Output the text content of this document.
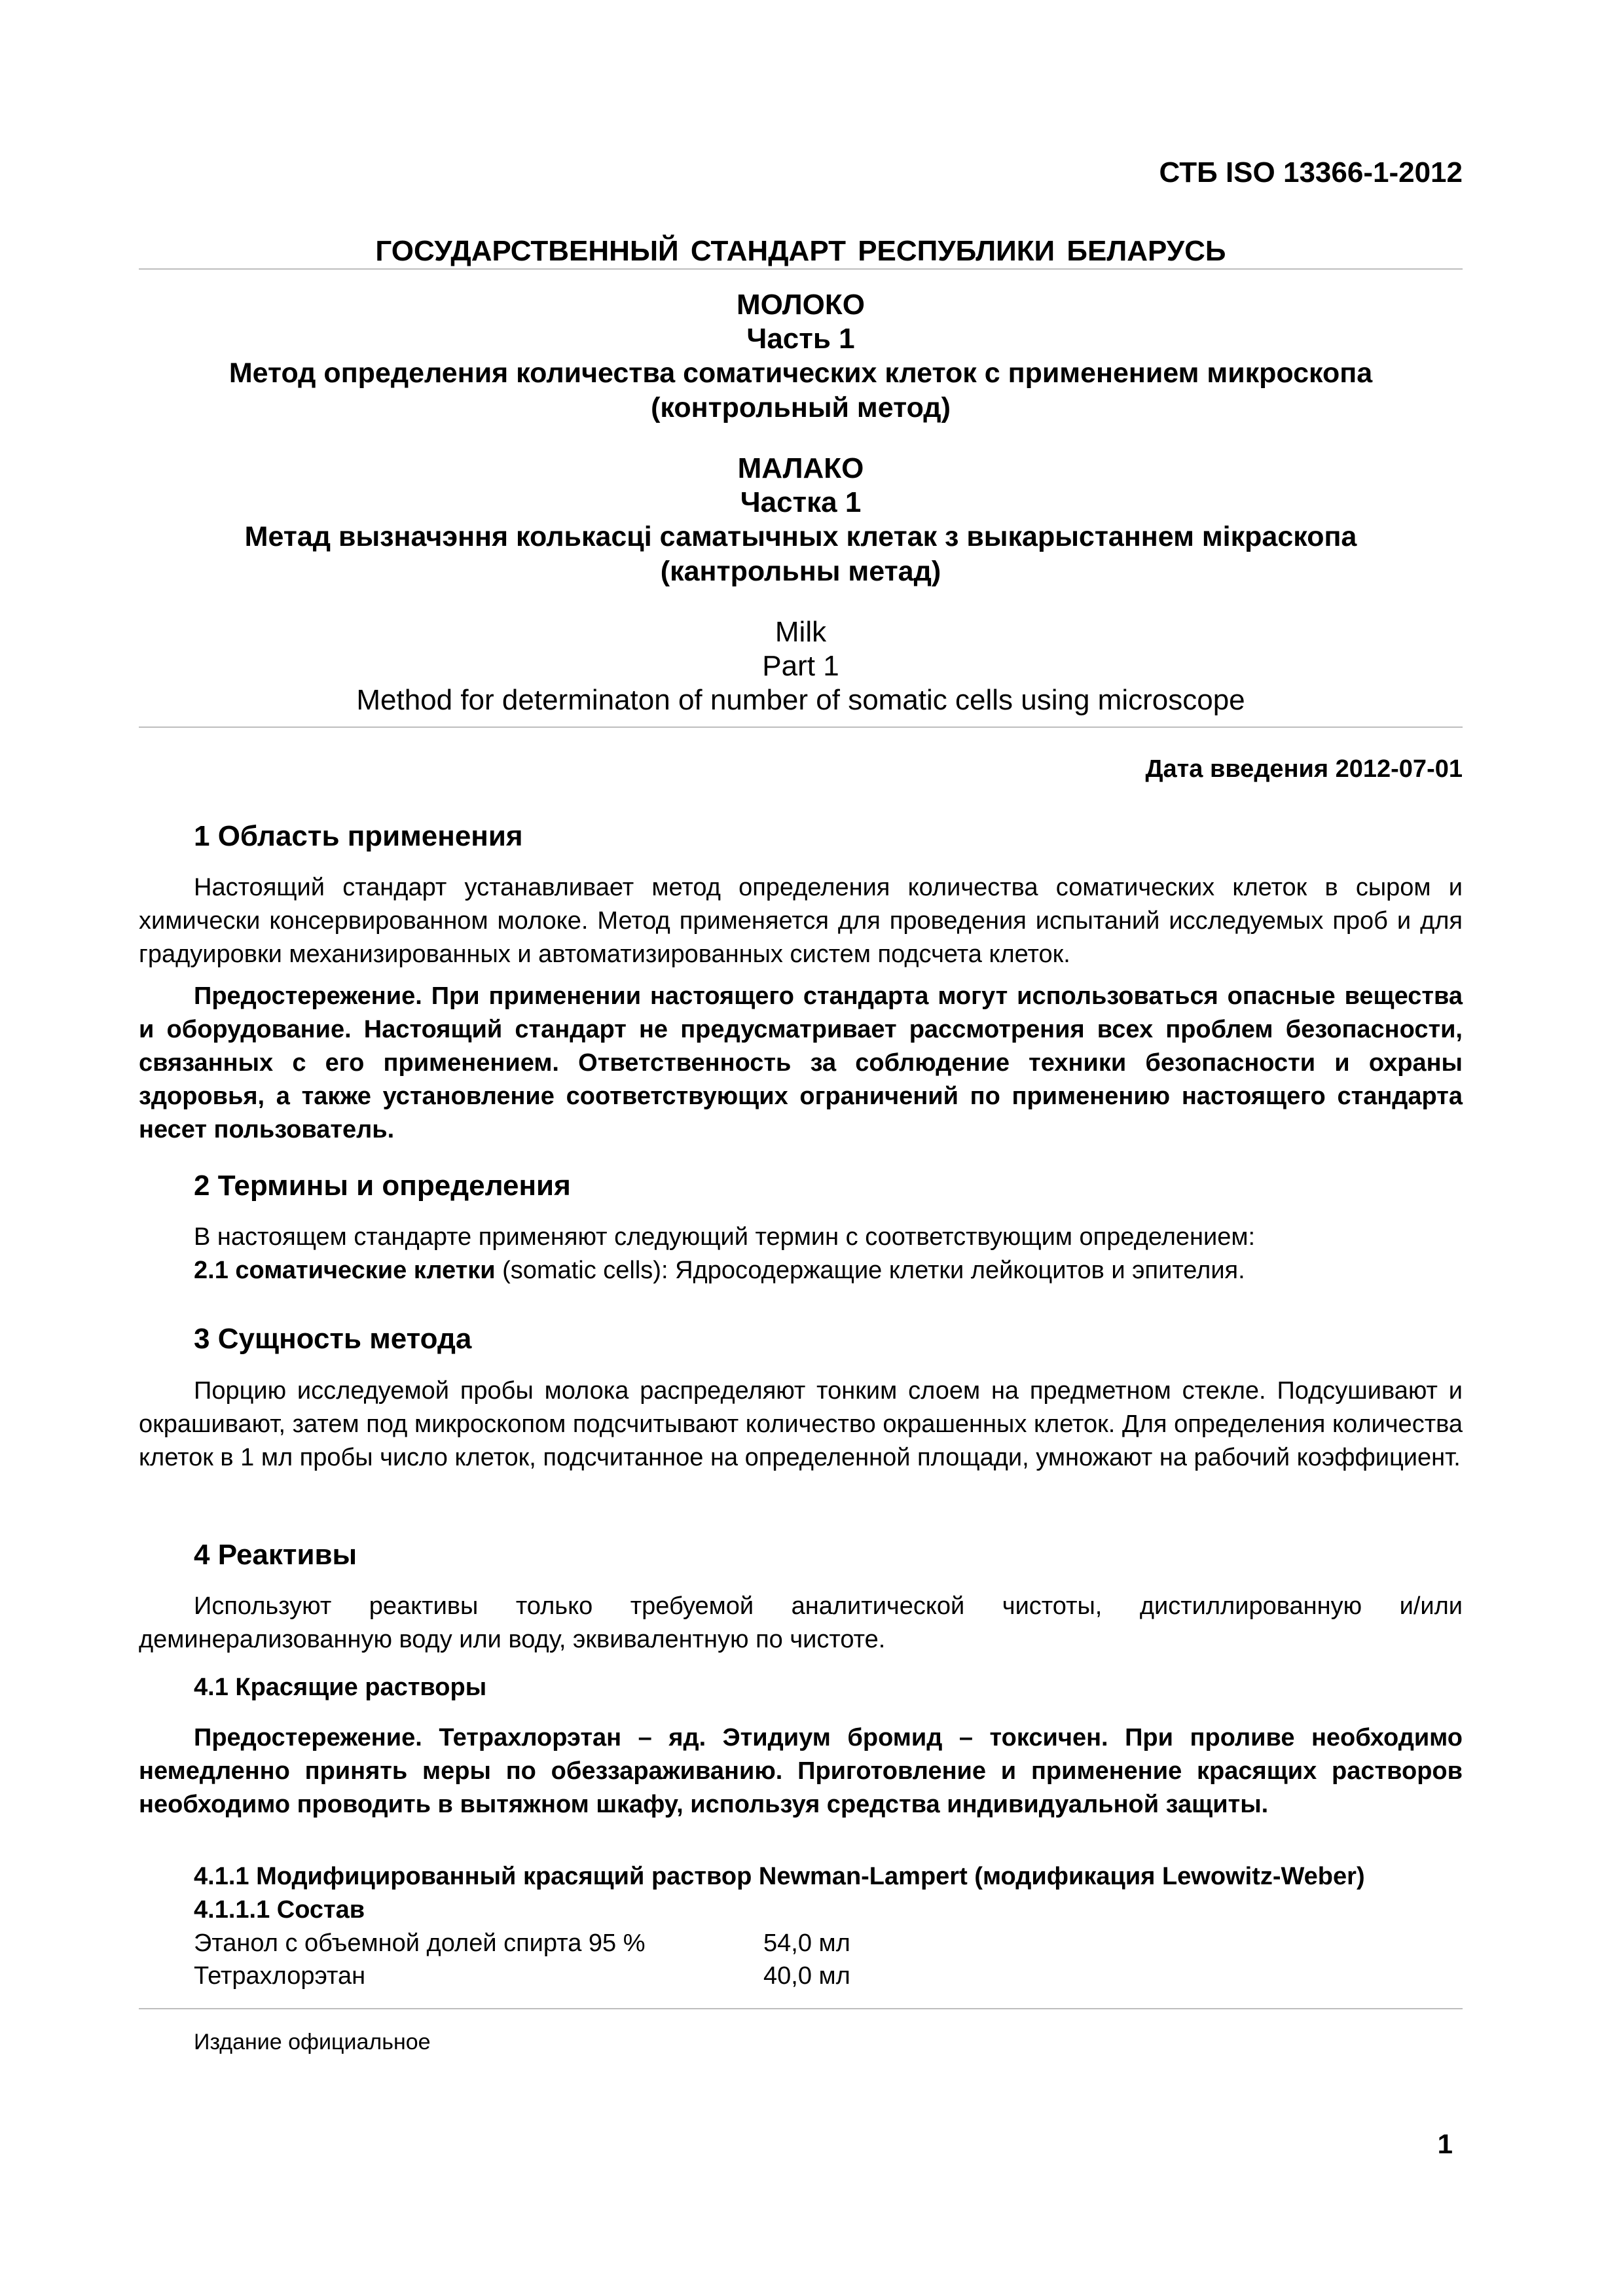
СТБ ISO 13366-1-2012
ГОСУДАРСТВЕННЫЙ СТАНДАРТ РЕСПУБЛИКИ БЕЛАРУСЬ
МОЛОКО
Часть 1
Метод определения количества соматических клеток с применением микроскопа
(контрольный метод)
МАЛАКО
Частка 1
Метад вызначэння колькасці саматычных клетак з выкарыстаннем мікраскопа
(кантрольны метад)
Milk
Part 1
Method for determinaton of number of somatic cells using microscope
Дата введения 2012-07-01
1 Область применения
Настоящий стандарт устанавливает метод определения количества соматических клеток в сыром и химически консервированном молоке. Метод применяется для проведения испытаний исследуемых проб и для градуировки механизированных и автоматизированных систем подсчета клеток.
Предостережение. При применении настоящего стандарта могут использоваться опасные вещества и оборудование. Настоящий стандарт не предусматривает рассмотрения всех проблем безопасности, связанных с его применением. Ответственность за соблюдение техники безопасности и охраны здоровья, а также установление соответствующих ограничений по применению настоящего стандарта несет пользователь.
2 Термины и определения
В настоящем стандарте применяют следующий термин с соответствующим определением:
2.1 соматические клетки (somatic cells): Ядросодержащие клетки лейкоцитов и эпителия.
3 Сущность метода
Порцию исследуемой пробы молока распределяют тонким слоем на предметном стекле. Подсушивают и окрашивают, затем под микроскопом подсчитывают количество окрашенных клеток. Для определения количества клеток в 1 мл пробы число клеток, подсчитанное на определенной площади, умножают на рабочий коэффициент.
4 Реактивы
Используют реактивы только требуемой аналитической чистоты, дистиллированную и/или деминерализованную воду или воду, эквивалентную по чистоте.
4.1 Красящие растворы
Предостережение. Тетрахлорэтан – яд. Этидиум бромид – токсичен. При проливе необходимо немедленно принять меры по обеззараживанию. Приготовление и применение красящих растворов необходимо проводить в вытяжном шкафу, используя средства индивидуальной защиты.
4.1.1 Модифицированный красящий раствор Newman-Lampert (модификация Lewowitz-Weber)
4.1.1.1 Состав
Этанол с объемной долей спирта 95 %	54,0 мл
Тетрахлорэтан	40,0 мл
Издание официальное
1
